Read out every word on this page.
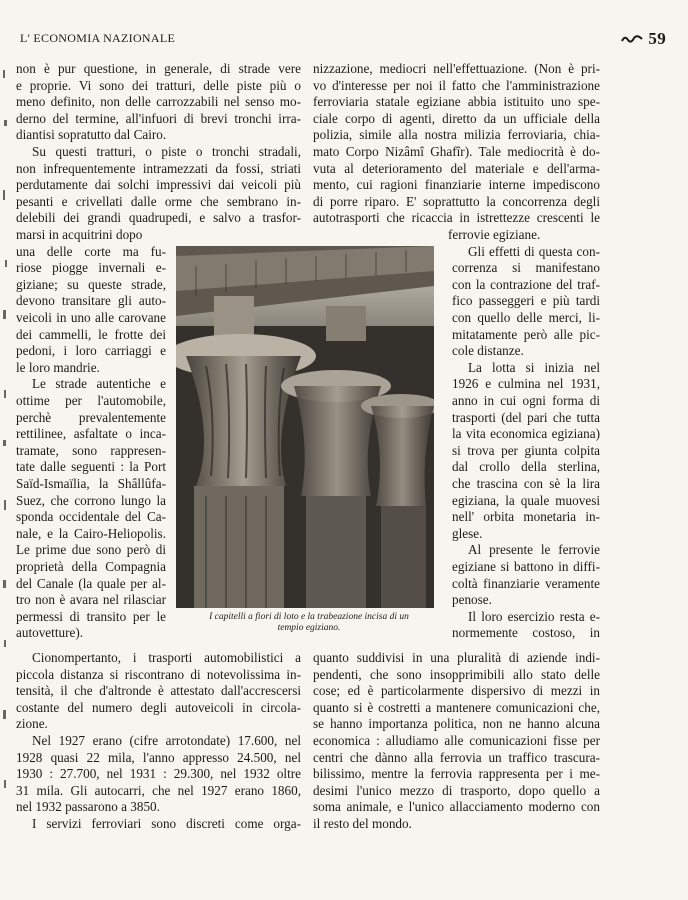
L' ECONOMIA NAZIONALE	59
non è pur questione, in generale, di strade vere
e proprie. Vi sono dei tratturi, delle piste più o
meno definito, non delle carrozzabili nel senso mo-
derno del termine, all'infuori di brevi tronchi irra-
diantisi sopratutto dal Cairo.
Su questi tratturi, o piste o tronchi stradali,
non infrequentemente intramezzati da fossi, striati
perdutamente dai solchi impressivi dai veicoli più
pesanti e crivellati dalle orme che sembrano in-
delebili dei grandi quadrupedi, e salvo a trasfor-
marsi in acquitrini dopo
una delle corte ma fu-
riose piogge invernali e-
giziane; su queste strade,
devono transitare gli auto-
veicoli in uno alle carovane
dei cammelli, le frotte dei
pedoni, i loro carriaggi e
le loro mandrie.
Le strade autentiche e
ottime per l'automobile,
perchè prevalentemente
rettilinee, asfaltate o inca-
tramate, sono rappresen-
tate dalle seguenti : la Port
Saïd-Ismaïlia, la Shâllûfa-
Suez, che corrono lungo la
sponda occidentale del Ca-
nale, e la Cairo-Heliopolis.
Le prime due sono però di
proprietà della Compagnia
del Canale (la quale per al-
tro non è avara nel rilasciar
permessi di transito per le
autovetture).
Cionompertanto, i trasporti automobilistici a
piccola distanza si riscontrano di notevolissima in-
tensità, il che d'altronde è attestato dall'accrescersi
costante del numero degli autoveicoli in circola-
zione.
Nel 1927 erano (cifre arrotondate) 17.600, nel
1928 quasi 22 mila, l'anno appresso 24.500, nel
1930 : 27.700, nel 1931 : 29.300, nel 1932 oltre
31 mila. Gli autocarri, che nel 1927 erano 1860,
nel 1932 passarono a 3850.
I servizi ferroviari sono discreti come orga-
nizzazione, mediocri nell'effettuazione. (Non è pri-
vo d'interesse per noi il fatto che l'amministrazione
ferroviaria statale egiziane abbia istituito uno spe-
ciale corpo di agenti, diretto da un ufficiale della
polizia, simile alla nostra milizia ferroviaria, chia-
mato Corpo Nizâmî Ghafîr). Tale mediocrità è do-
vuta al deterioramento del materiale e dell'arma-
mento, cui ragioni finanziarie interne impediscono
di porre riparo. E' soprattutto la concorrenza degli
autotrasporti che ricaccia in istrettezze crescenti le
ferrovie egiziane.
Gli effetti di questa con-
correnza si manifestano
con la contrazione del traf-
fico passeggeri e più tardi
con quello delle merci, li-
mitatamente però alle pic-
cole distanze.
La lotta si inizia nel
1926 e culmina nel 1931,
anno in cui ogni forma di
trasporti (del pari che tutta
la vita economica egiziana)
si trova per giunta colpita
dal crollo della sterlina,
che trascina con sè la lira
egiziana, la quale muovesi
nell' orbita monetaria in-
glese.
Al presente le ferrovie
egiziane si battono in diffi-
coltà finanziarie veramente
penose.
Il loro esercizio resta e-
normemente costoso, in
quanto suddivisi in una pluralità di aziende indi-
pendenti, che sono insopprimibili allo stato delle
cose; ed è particolarmente dispersivo di mezzi in
quanto si è costretti a mantenere comunicazioni che,
se hanno importanza politica, non ne hanno alcuna
economica : alludiamo alle comunicazioni fisse per
centri che dànno alla ferrovia un traffico trascura-
bilissimo, mentre la ferrovia rappresenta per i me-
desimi l'unico mezzo di trasporto, dopo quello a
soma animale, e l'unico allacciamento moderno con
il resto del mondo.
I capitelli a fiori di loto e la trabeazione incisa di un
tempio egiziano.
